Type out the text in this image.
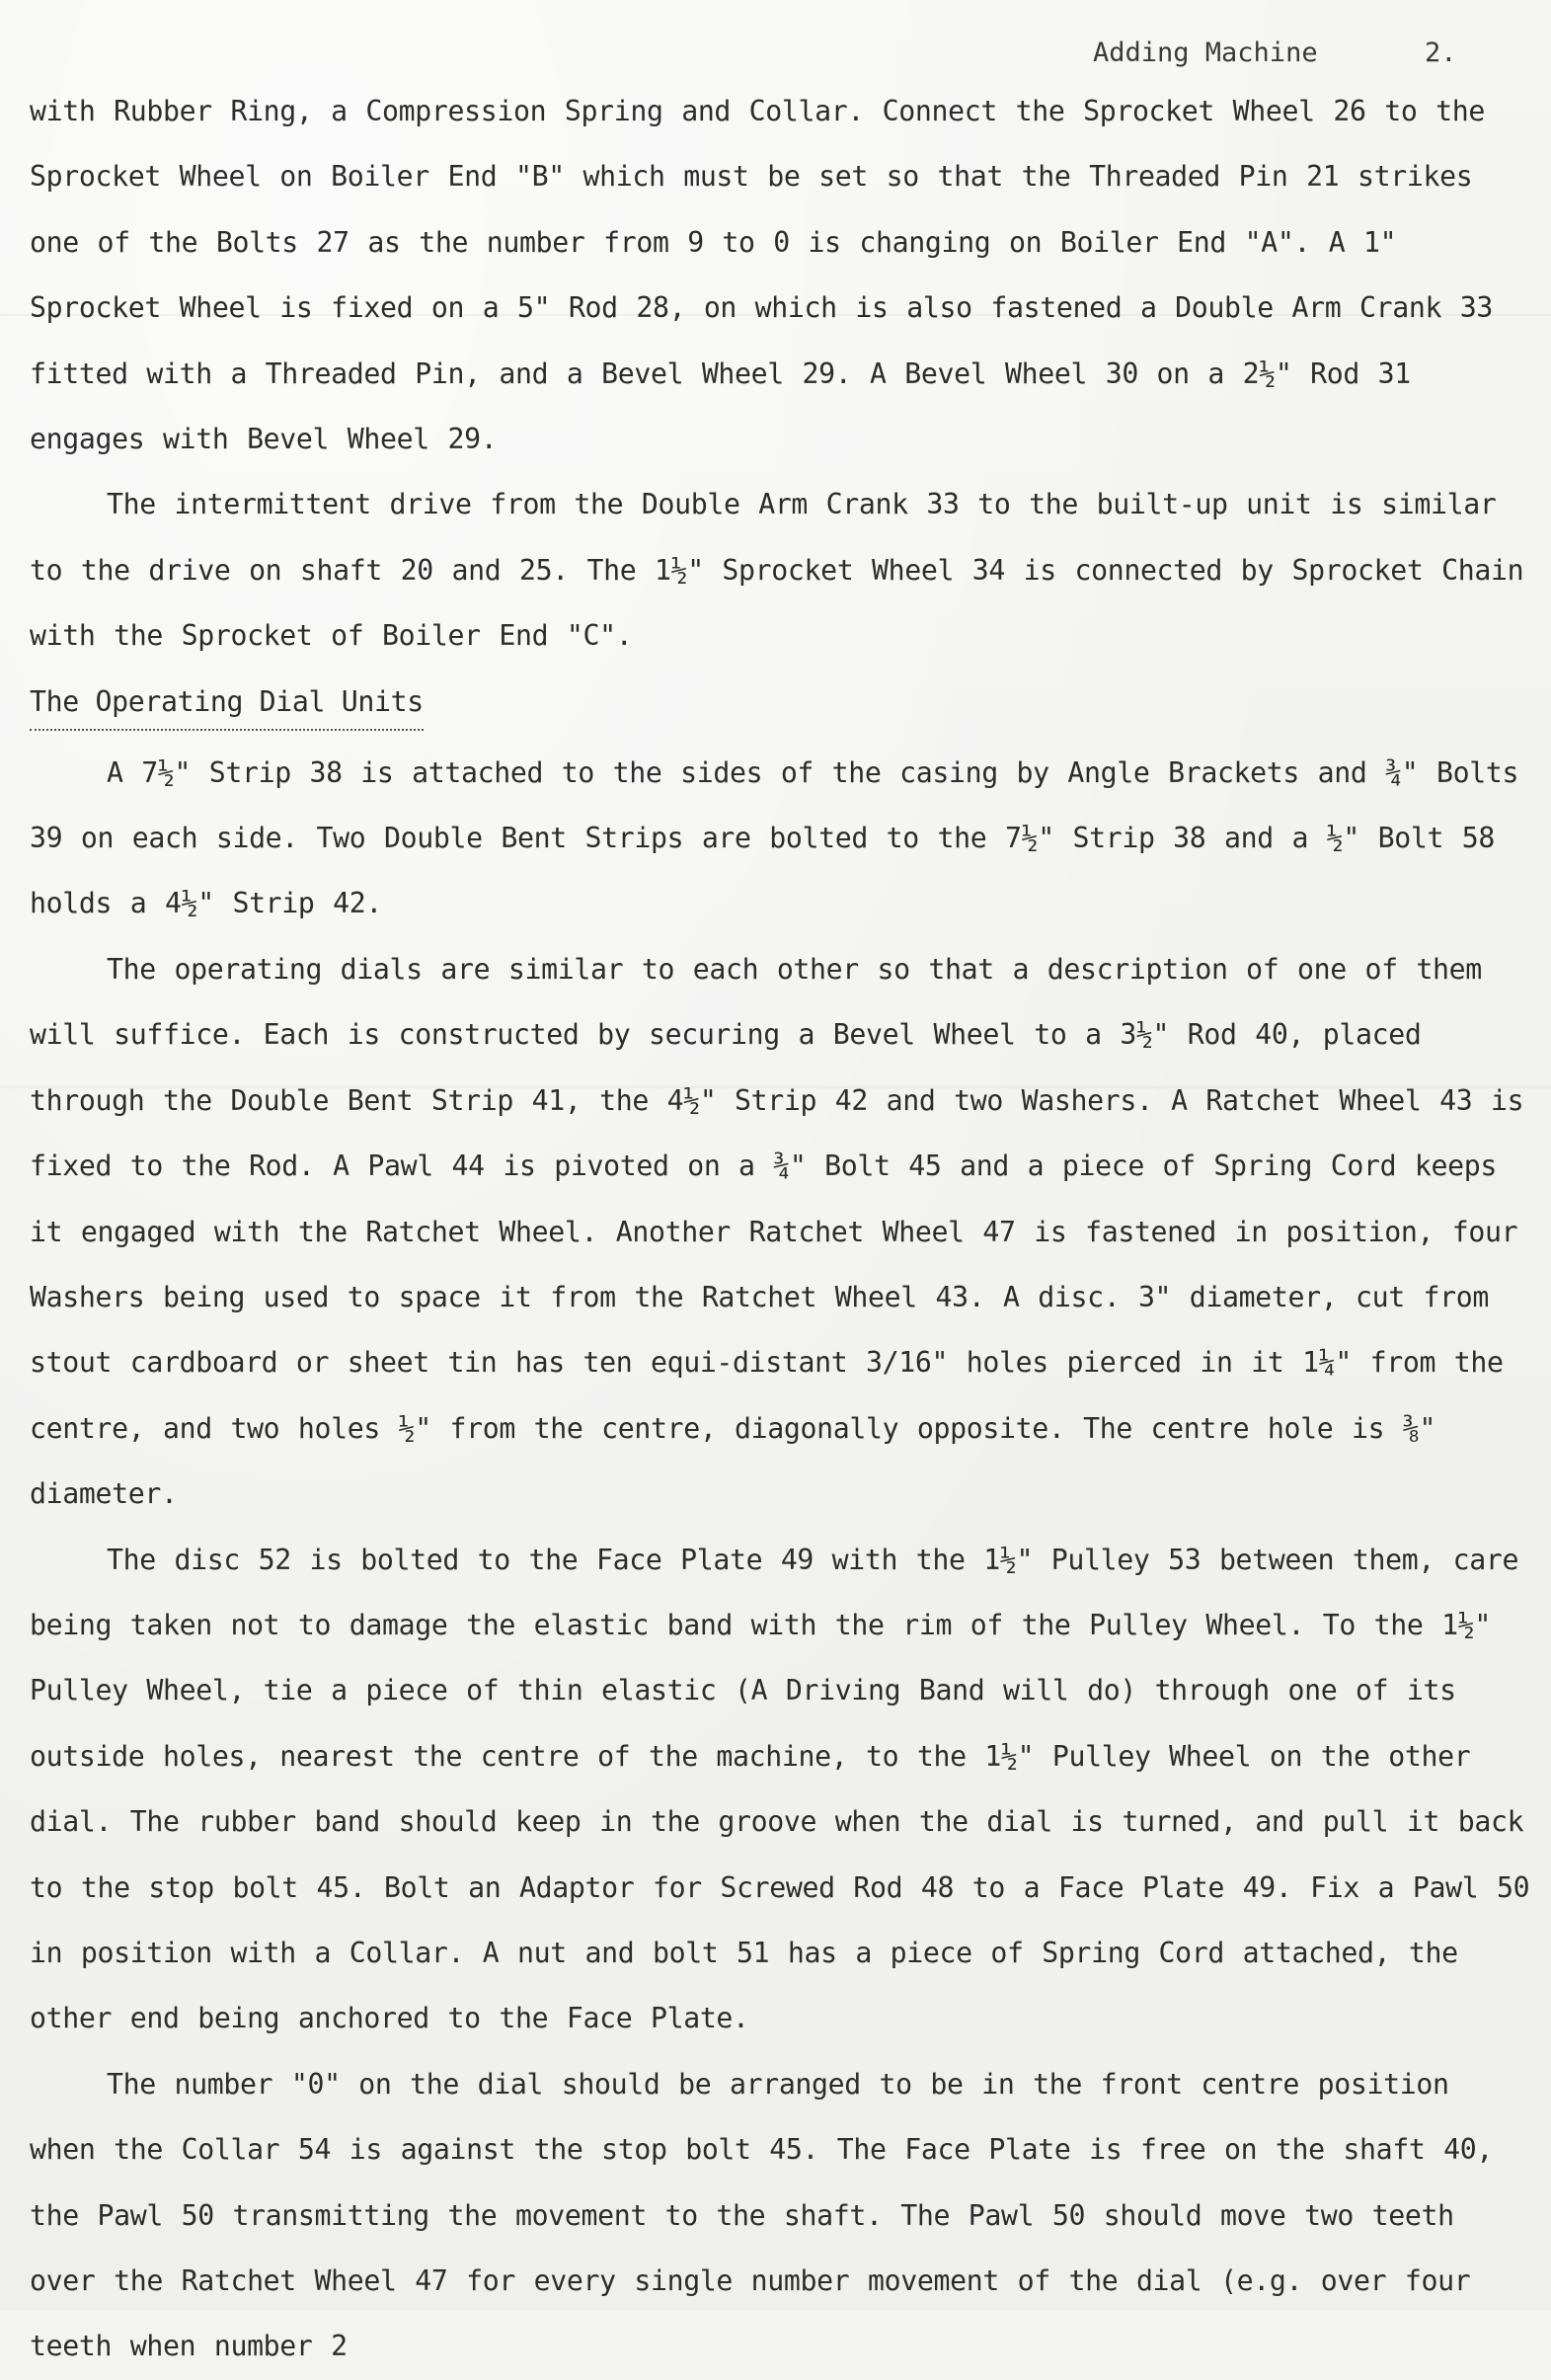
Adding Machine	2.

with Rubber Ring, a Compression Spring and Collar. Connect the Sprocket Wheel 26 to the Sprocket Wheel on Boiler End "B" which must be set so that the Threaded Pin 21 strikes one of the Bolts 27 as the number from 9 to 0 is changing on Boiler End "A". A 1" Sprocket Wheel is fixed on a 5" Rod 28, on which is also fastened a Double Arm Crank 33 fitted with a Threaded Pin, and a Bevel Wheel 29. A Bevel Wheel 30 on a 2½" Rod 31 engages with Bevel Wheel 29.

The intermittent drive from the Double Arm Crank 33 to the built-up unit is similar to the drive on shaft 20 and 25. The 1½" Sprocket Wheel 34 is connected by Sprocket Chain with the Sprocket of Boiler End "C".

The Operating Dial Units

A 7½" Strip 38 is attached to the sides of the casing by Angle Brackets and ¾" Bolts 39 on each side. Two Double Bent Strips are bolted to the 7½" Strip 38 and a ½" Bolt 58 holds a 4½" Strip 42.

The operating dials are similar to each other so that a description of one of them will suffice. Each is constructed by securing a Bevel Wheel to a 3½" Rod 40, placed through the Double Bent Strip 41, the 4½" Strip 42 and two Washers. A Ratchet Wheel 43 is fixed to the Rod. A Pawl 44 is pivoted on a ¾" Bolt 45 and a piece of Spring Cord keeps it engaged with the Ratchet Wheel. Another Ratchet Wheel 47 is fastened in position, four Washers being used to space it from the Ratchet Wheel 43. A disc. 3" diameter, cut from stout cardboard or sheet tin has ten equi-distant 3/16" holes pierced in it 1¼" from the centre, and two holes ½" from the centre, diagonally opposite. The centre hole is ⅜" diameter.

The disc 52 is bolted to the Face Plate 49 with the 1½" Pulley 53 between them, care being taken not to damage the elastic band with the rim of the Pulley Wheel. To the 1½" Pulley Wheel, tie a piece of thin elastic (A Driving Band will do) through one of its outside holes, nearest the centre of the machine, to the 1½" Pulley Wheel on the other dial. The rubber band should keep in the groove when the dial is turned, and pull it back to the stop bolt 45. Bolt an Adaptor for Screwed Rod 48 to a Face Plate 49. Fix a Pawl 50 in position with a Collar. A nut and bolt 51 has a piece of Spring Cord attached, the other end being anchored to the Face Plate.

The number "0" on the dial should be arranged to be in the front centre position when the Collar 54 is against the stop bolt 45. The Face Plate is free on the shaft 40, the Pawl 50 transmitting the movement to the shaft. The Pawl 50 should move two teeth over the Ratchet Wheel 47 for every single number movement of the dial (e.g. over four teeth when number 2
